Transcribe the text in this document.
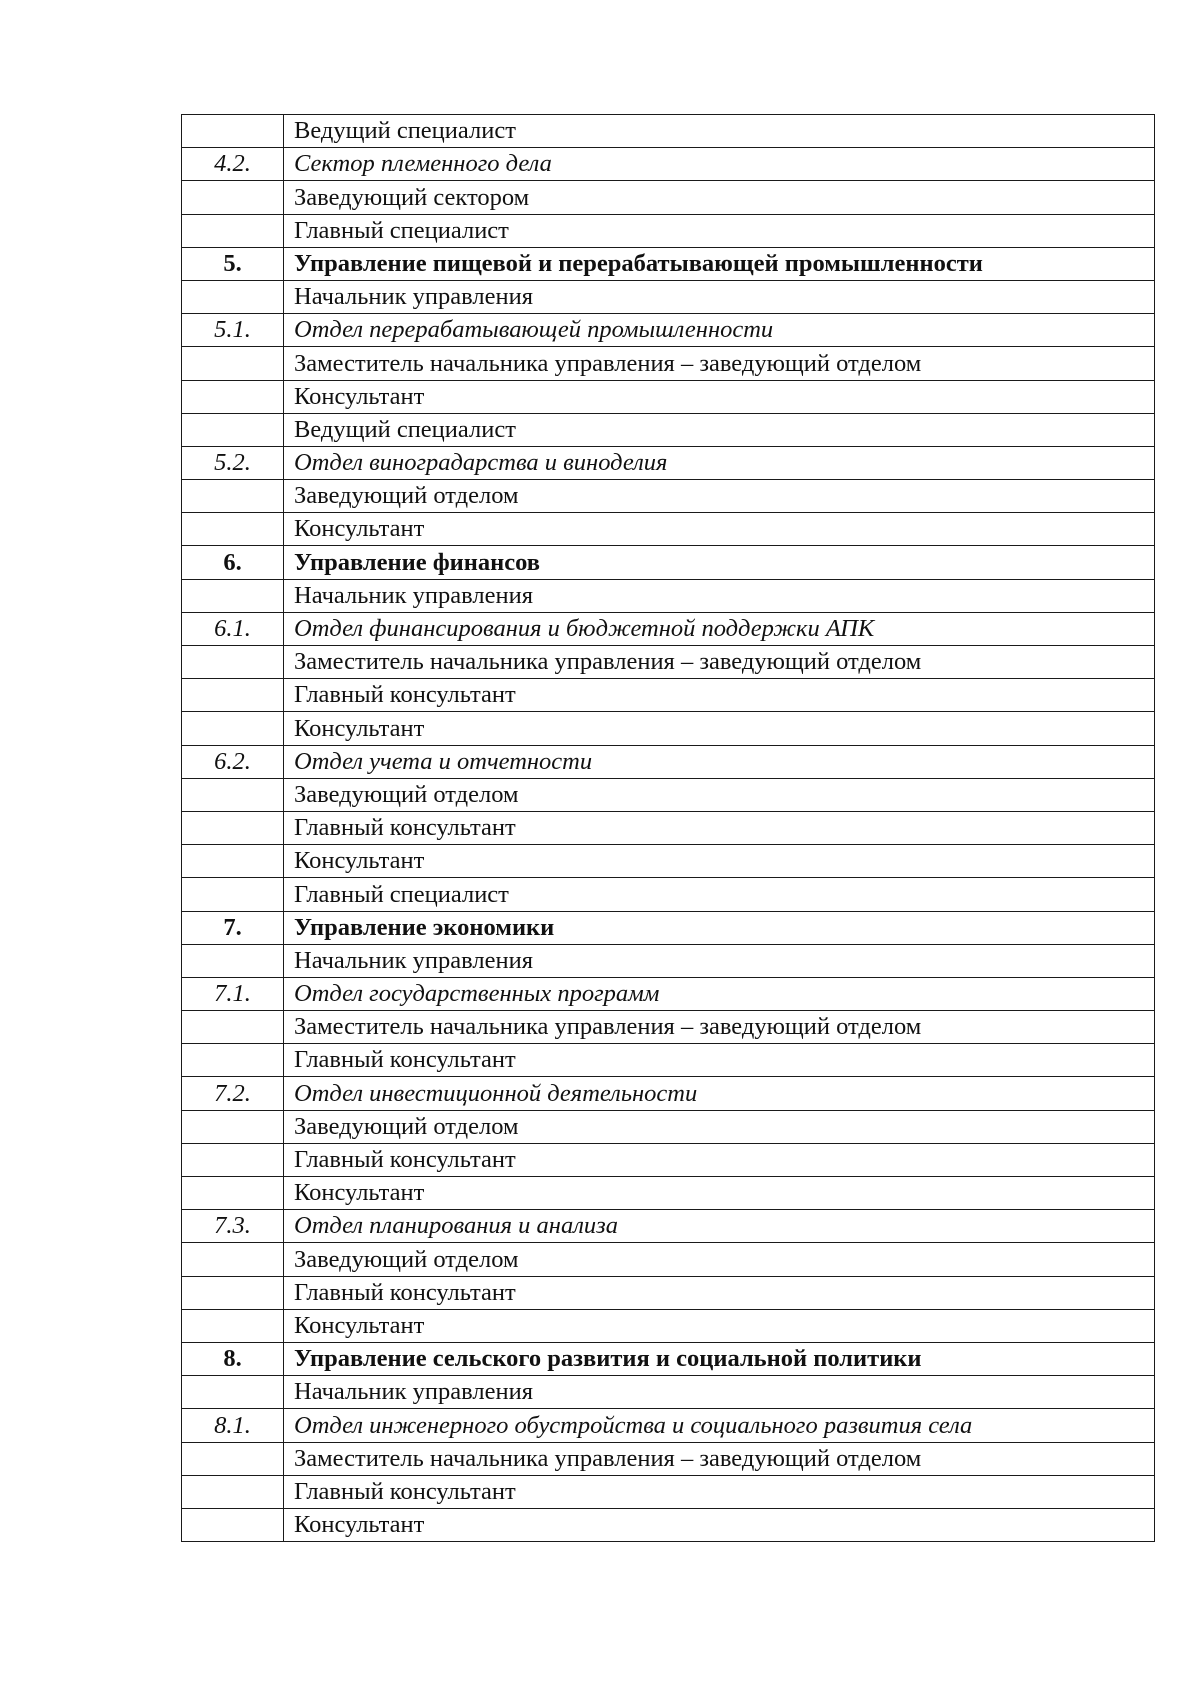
	Ведущий специалист
4.2.	Сектор племенного дела
	Заведующий сектором
	Главный специалист
5.	Управление пищевой и перерабатывающей промышленности
	Начальник управления
5.1.	Отдел перерабатывающей промышленности
	Заместитель начальника управления – заведующий отделом
	Консультант
	Ведущий специалист
5.2.	Отдел виноградарства и виноделия
	Заведующий отделом
	Консультант
6.	Управление финансов
	Начальник управления
6.1.	Отдел финансирования и бюджетной поддержки АПК
	Заместитель начальника управления – заведующий отделом
	Главный консультант
	Консультант
6.2.	Отдел учета и отчетности
	Заведующий отделом
	Главный консультант
	Консультант
	Главный специалист
7.	Управление экономики
	Начальник управления
7.1.	Отдел государственных программ
	Заместитель начальника управления – заведующий отделом
	Главный консультант
7.2.	Отдел инвестиционной деятельности
	Заведующий отделом
	Главный консультант
	Консультант
7.3.	Отдел планирования и анализа
	Заведующий отделом
	Главный консультант
	Консультант
8.	Управление сельского развития и социальной политики
	Начальник управления
8.1.	Отдел инженерного обустройства и социального развития села
	Заместитель начальника управления – заведующий отделом
	Главный консультант
	Консультант
